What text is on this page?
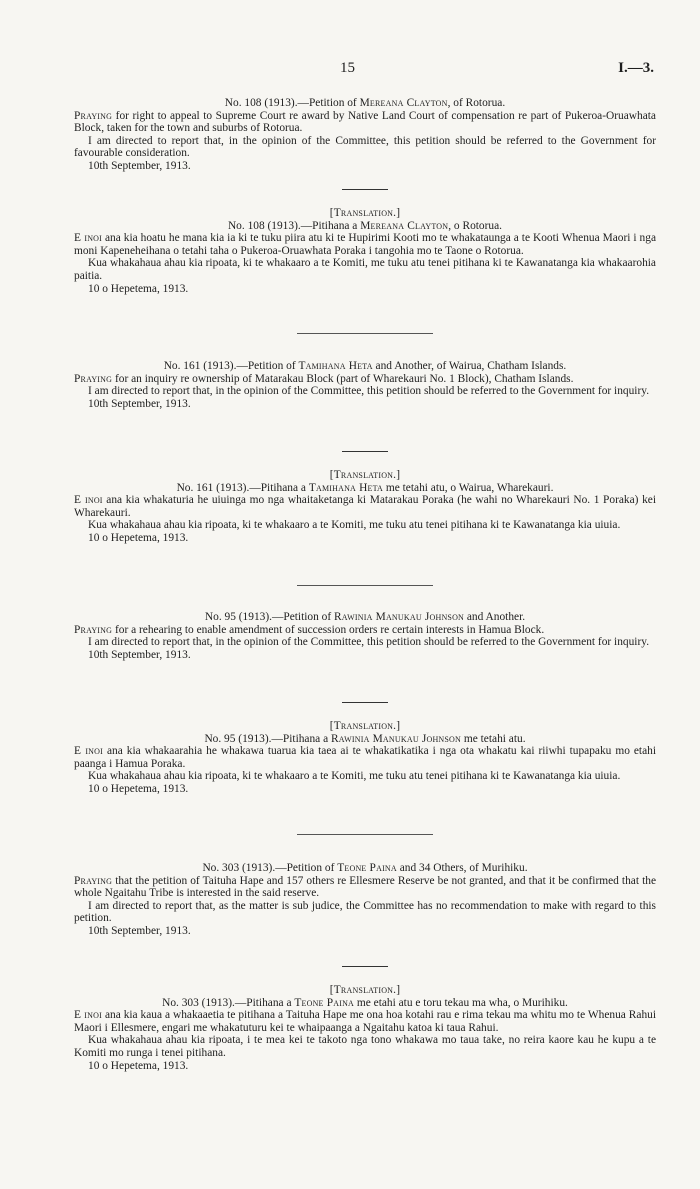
15	I.—3.

No. 108 (1913).—Petition of Mereana Clayton, of Rotorua.

Praying for right to appeal to Supreme Court re award by Native Land Court of compensation re part of Pukeroa-Oruawhata Block, taken for the town and suburbs of Rotorua.

I am directed to report that, in the opinion of the Committee, this petition should be referred to the Government for favourable consideration.

10th September, 1913.

[Translation.]

No. 108 (1913).—Pitihana a Mereana Clayton, o Rotorua.

E inoi ana kia hoatu he mana kia ia ki te tuku piira atu ki te Hupirimi Kooti mo te whakataunga a te Kooti Whenua Maori i nga moni Kapeneheihana o tetahi taha o Pukeroa-Oruawhata Poraka i tangohia mo te Taone o Rotorua.

Kua whakahaua ahau kia ripoata, ki te whakaaro a te Komiti, me tuku atu tenei pitihana ki te Kawanatanga kia whakaarohia paitia.

10 o Hepetema, 1913.

No. 161 (1913).—Petition of Tamihana Heta and Another, of Wairua, Chatham Islands.

Praying for an inquiry re ownership of Matarakau Block (part of Wharekauri No. 1 Block), Chatham Islands.

I am directed to report that, in the opinion of the Committee, this petition should be referred to the Government for inquiry.

10th September, 1913.

[Translation.]

No. 161 (1913).—Pitihana a Tamihana Heta me tetahi atu, o Wairua, Wharekauri.

E inoi ana kia whakaturia he uiuinga mo nga whaitaketanga ki Matarakau Poraka (he wahi no Wharekauri No. 1 Poraka) kei Wharekauri.

Kua whakahaua ahau kia ripoata, ki te whakaaro a te Komiti, me tuku atu tenei pitihana ki te Kawanatanga kia uiuia.

10 o Hepetema, 1913.

No. 95 (1913).—Petition of Rawinia Manukau Johnson and Another.

Praying for a rehearing to enable amendment of succession orders re certain interests in Hamua Block.

I am directed to report that, in the opinion of the Committee, this petition should be referred to the Government for inquiry.

10th September, 1913.

[Translation.]

No. 95 (1913).—Pitihana a Rawinia Manukau Johnson me tetahi atu.

E inoi ana kia whakaarahia he whakawa tuarua kia taea ai te whakatikatika i nga ota whakatu kai riiwhi tupapaku mo etahi paanga i Hamua Poraka.

Kua whakahaua ahau kia ripoata, ki te whakaaro a te Komiti, me tuku atu tenei pitihana ki te Kawanatanga kia uiuia.

10 o Hepetema, 1913.

No. 303 (1913).—Petition of Teone Paina and 34 Others, of Murihiku.

Praying that the petition of Taituha Hape and 157 others re Ellesmere Reserve be not granted, and that it be confirmed that the whole Ngaitahu Tribe is interested in the said reserve.

I am directed to report that, as the matter is sub judice, the Committee has no recommendation to make with regard to this petition.

10th September, 1913.

[Translation.]

No. 303 (1913).—Pitihana a Teone Paina me etahi atu e toru tekau ma wha, o Murihiku.

E inoi ana kia kaua a whakaaetia te pitihana a Taituha Hape me ona hoa kotahi rau e rima tekau ma whitu mo te Whenua Rahui Maori i Ellesmere, engari me whakatuturu kei te whaipaanga a Ngaitahu katoa ki taua Rahui.

Kua whakahaua ahau kia ripoata, i te mea kei te takoto nga tono whakawa mo taua take, no reira kaore kau he kupu a te Komiti mo runga i tenei pitihana.

10 o Hepetema, 1913.
